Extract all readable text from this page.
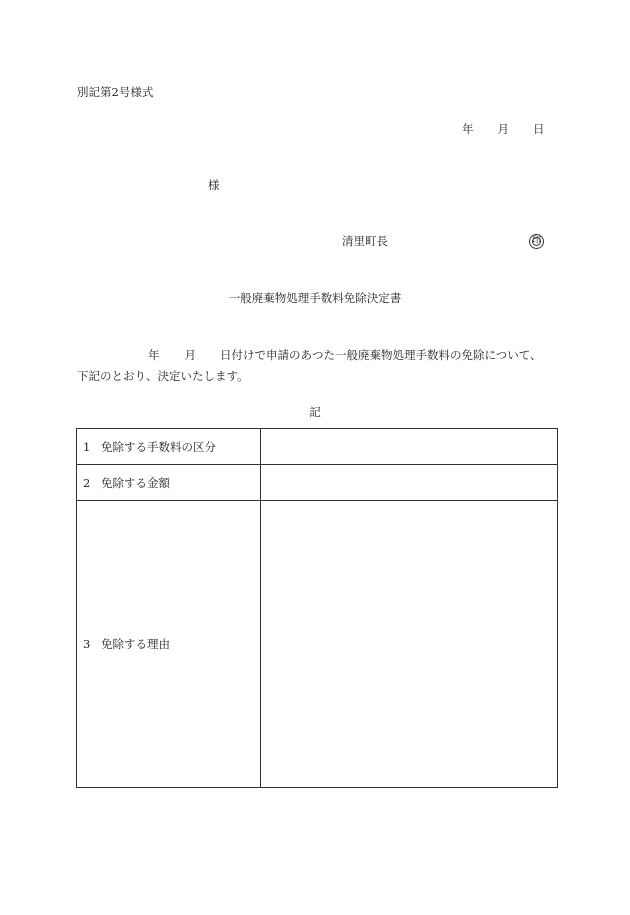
別記第2号様式
年 月 日
様
清里町長	印
一般廃棄物処理手数料免除決定書
年 月 日付けで申請のあつた一般廃棄物処理手数料の免除について、
下記のとおり、決定いたします。
記
1 免除する手数料の区分	
2 免除する金額	
3 免除する理由	
